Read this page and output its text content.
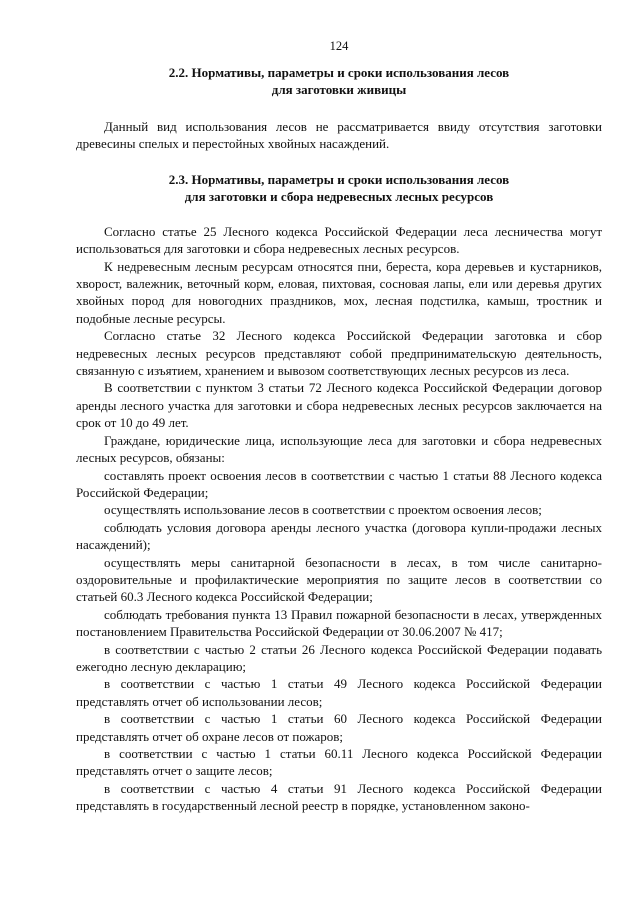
124
2.2. Нормативы, параметры и сроки использования лесов
для заготовки живицы

Данный вид использования лесов не рассматривается ввиду отсутствия заготовки древесины спелых и перестойных хвойных насаждений.

2.3. Нормативы, параметры и сроки использования лесов
для заготовки и сбора недревесных лесных ресурсов

Согласно статье 25 Лесного кодекса Российской Федерации леса лесничества могут использоваться для заготовки и сбора недревесных лесных ресурсов.

К недревесным лесным ресурсам относятся пни, береста, кора деревьев и кустарников, хворост, валежник, веточный корм, еловая, пихтовая, сосновая лапы, ели или деревья других хвойных пород для новогодних праздников, мох, лесная подстилка, камыш, тростник и подобные лесные ресурсы.

Согласно статье 32 Лесного кодекса Российской Федерации заготовка и сбор недревесных лесных ресурсов представляют собой предпринимательскую деятельность, связанную с изъятием, хранением и вывозом соответствующих лесных ресурсов из леса.

В соответствии с пунктом 3 статьи 72 Лесного кодекса Российской Федерации договор аренды лесного участка для заготовки и сбора недревесных лесных ресурсов заключается на срок от 10 до 49 лет.

Граждане, юридические лица, использующие леса для заготовки и сбора недревесных лесных ресурсов, обязаны:

составлять проект освоения лесов в соответствии с частью 1 статьи 88 Лесного кодекса Российской Федерации;

осуществлять использование лесов в соответствии с проектом освоения лесов;

соблюдать условия договора аренды лесного участка (договора купли-продажи лесных насаждений);

осуществлять меры санитарной безопасности в лесах, в том числе санитарно-оздоровительные и профилактические мероприятия по защите лесов в соответствии со статьей 60.3 Лесного кодекса Российской Федерации;

соблюдать требования пункта 13 Правил пожарной безопасности в лесах, утвержденных постановлением Правительства Российской Федерации от 30.06.2007 № 417;

в соответствии с частью 2 статьи 26 Лесного кодекса Российской Федерации подавать ежегодно лесную декларацию;

в соответствии с частью 1 статьи 49 Лесного кодекса Российской Федерации представлять отчет об использовании лесов;

в соответствии с частью 1 статьи 60 Лесного кодекса Российской Федерации представлять отчет об охране лесов от пожаров;

в соответствии с частью 1 статьи 60.11 Лесного кодекса Российской Федерации представлять отчет о защите лесов;

в соответствии с частью 4 статьи 91 Лесного кодекса Российской Федерации представлять в государственный лесной реестр в порядке, установленном законо-
